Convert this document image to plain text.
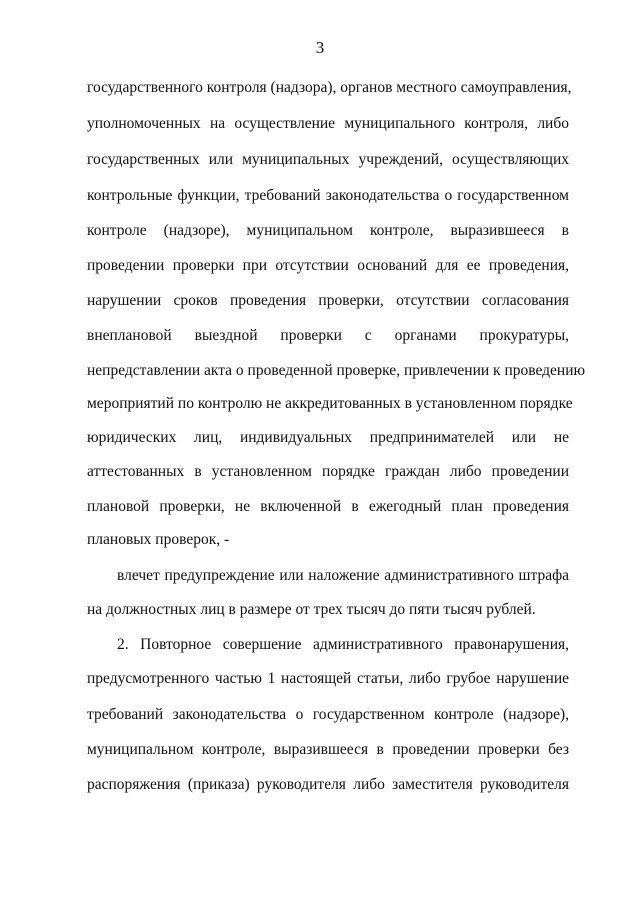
3
государственного контроля (надзора), органов местного самоуправления,
уполномоченных на осуществление муниципального контроля, либо
государственных или муниципальных учреждений, осуществляющих
контрольные функции, требований законодательства о государственном
контроле (надзоре), муниципальном контроле, выразившееся в
проведении проверки при отсутствии оснований для ее проведения,
нарушении сроков проведения проверки, отсутствии согласования
внеплановой выездной проверки с органами прокуратуры,
непредставлении акта о проведенной проверке, привлечении к проведению
мероприятий по контролю не аккредитованных в установленном порядке
юридических лиц, индивидуальных предпринимателей или не
аттестованных в установленном порядке граждан либо проведении
плановой проверки, не включенной в ежегодный план проведения
плановых проверок, -
влечет предупреждение или наложение административного штрафа
на должностных лиц в размере от трех тысяч до пяти тысяч рублей.
2. Повторное совершение административного правонарушения,
предусмотренного частью 1 настоящей статьи, либо грубое нарушение
требований законодательства о государственном контроле (надзоре),
муниципальном контроле, выразившееся в проведении проверки без
распоряжения (приказа) руководителя либо заместителя руководителя
